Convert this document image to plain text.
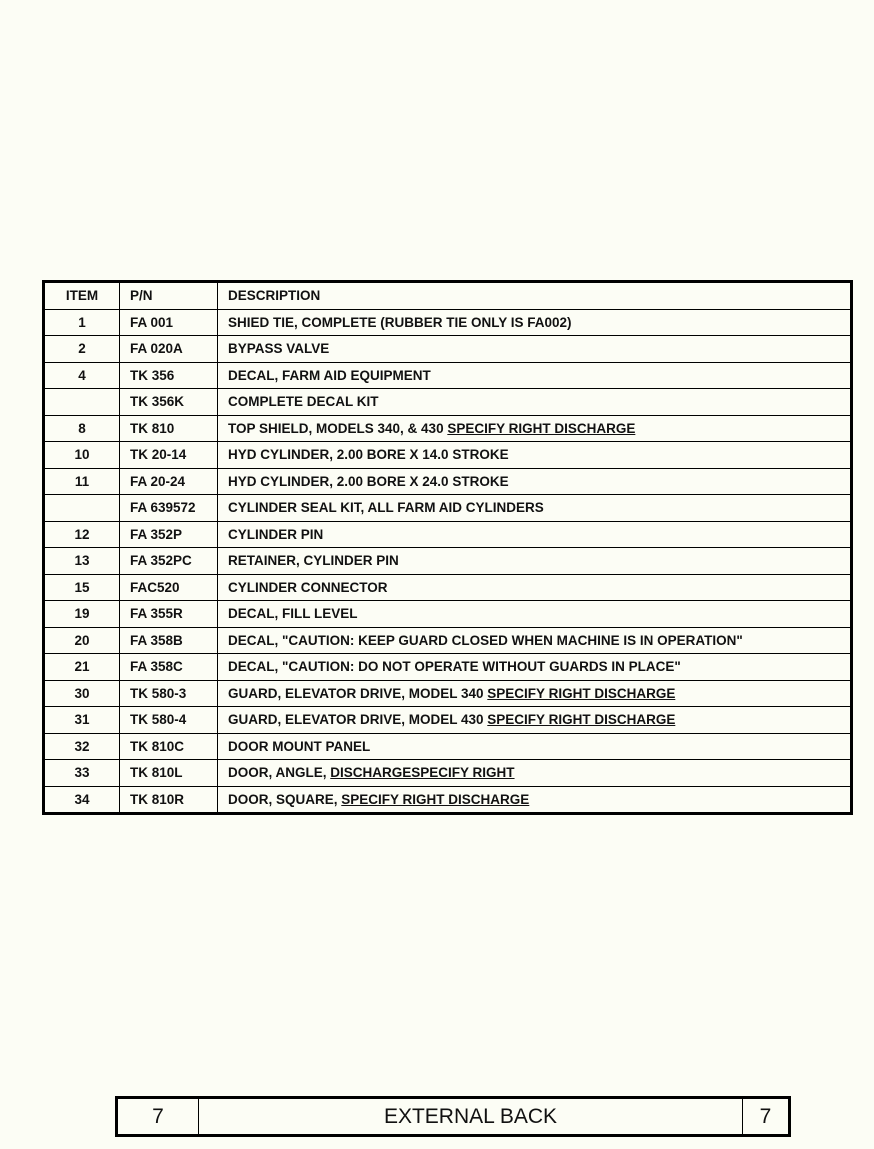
ITEM	P/N	DESCRIPTION
1	FA 001	SHIED TIE, COMPLETE (RUBBER TIE ONLY IS FA002)
2	FA 020A	BYPASS VALVE
4	TK 356	DECAL, FARM AID EQUIPMENT
	TK 356K	COMPLETE DECAL KIT
8	TK 810	TOP SHIELD, MODELS 340, & 430 SPECIFY RIGHT DISCHARGE
10	TK 20-14	HYD CYLINDER, 2.00 BORE X 14.0 STROKE
11	FA 20-24	HYD CYLINDER, 2.00 BORE X 24.0 STROKE
	FA 639572	CYLINDER SEAL KIT, ALL FARM AID CYLINDERS
12	FA 352P	CYLINDER PIN
13	FA 352PC	RETAINER, CYLINDER PIN
15	FAC520	CYLINDER CONNECTOR
19	FA 355R	DECAL, FILL LEVEL
20	FA 358B	DECAL, "CAUTION: KEEP GUARD CLOSED WHEN MACHINE IS IN OPERATION"
21	FA 358C	DECAL, "CAUTION: DO NOT OPERATE WITHOUT GUARDS IN PLACE"
30	TK 580-3	GUARD, ELEVATOR DRIVE, MODEL 340 SPECIFY RIGHT DISCHARGE
31	TK 580-4	GUARD, ELEVATOR DRIVE, MODEL 430 SPECIFY RIGHT DISCHARGE
32	TK 810C	DOOR MOUNT PANEL
33	TK 810L	DOOR, ANGLE, DISCHARGESPECIFY RIGHT
34	TK 810R	DOOR, SQUARE, SPECIFY RIGHT DISCHARGE
7	EXTERNAL BACK	7
